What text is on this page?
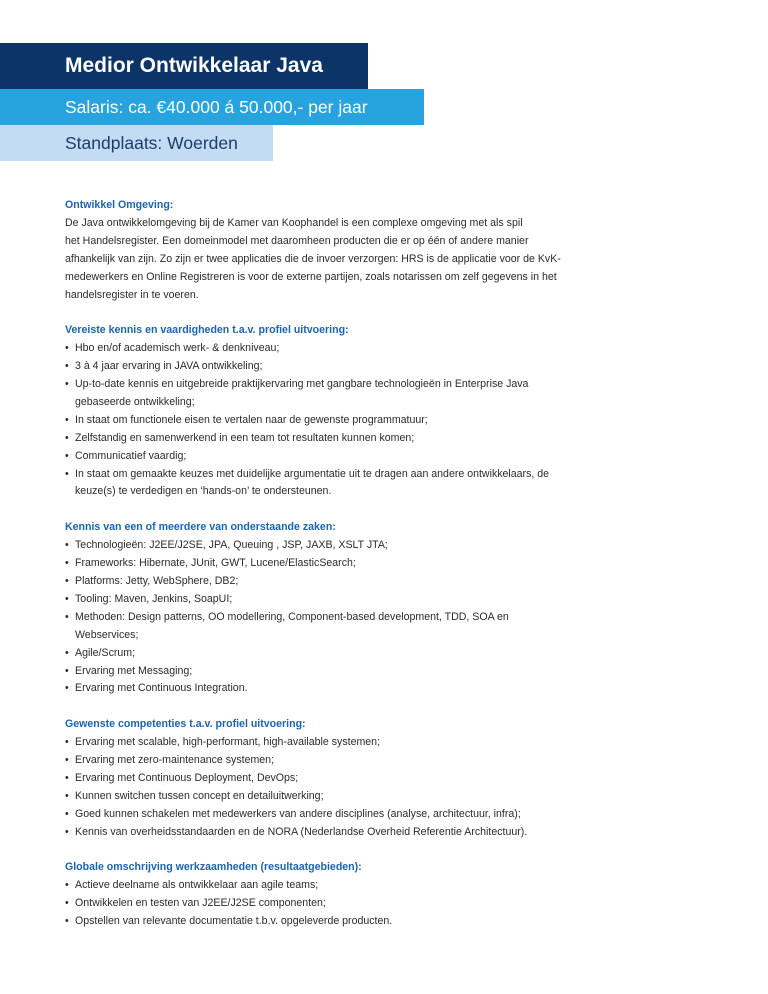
Medior Ontwikkelaar Java
Salaris: ca. €40.000 á 50.000,- per jaar
Standplaats: Woerden
Ontwikkel Omgeving:
De Java ontwikkelomgeving bij de Kamer van Koophandel is een complexe omgeving met als spil
het Handelsregister. Een domeinmodel met daaromheen producten die er op één of andere manier
afhankelijk van zijn. Zo zijn er twee applicaties die de invoer verzorgen: HRS is de applicatie voor de KvK-
medewerkers en Online Registreren is voor de externe partijen, zoals notarissen om zelf gegevens in het
handelsregister in te voeren.
Vereiste kennis en vaardigheden t.a.v. profiel uitvoering:
• Hbo en/of academisch werk- & denkniveau;
• 3 à 4 jaar ervaring in JAVA ontwikkeling;
• Up-to-date kennis en uitgebreide praktijkervaring met gangbare technologieën in Enterprise Java gebaseerde ontwikkeling;
• In staat om functionele eisen te vertalen naar de gewenste programmatuur;
• Zelfstandig en samenwerkend in een team tot resultaten kunnen komen;
• Communicatief vaardig;
• In staat om gemaakte keuzes met duidelijke argumentatie uit te dragen aan andere ontwikkelaars, de keuze(s) te verdedigen en ‘hands-on’ te ondersteunen.
Kennis van een of meerdere van onderstaande zaken:
• Technologieën: J2EE/J2SE, JPA, Queuing , JSP, JAXB, XSLT JTA;
• Frameworks: Hibernate, JUnit, GWT, Lucene/ElasticSearch;
• Platforms: Jetty, WebSphere, DB2;
• Tooling: Maven, Jenkins, SoapUI;
• Methoden: Design patterns, OO modellering, Component-based development, TDD, SOA en Webservices;
• Agile/Scrum;
• Ervaring met Messaging;
• Ervaring met Continuous Integration.
Gewenste competenties t.a.v. profiel uitvoering:
• Ervaring met scalable, high-performant, high-available systemen;
• Ervaring met zero-maintenance systemen;
• Ervaring met Continuous Deployment, DevOps;
• Kunnen switchen tussen concept en detailuitwerking;
• Goed kunnen schakelen met medewerkers van andere disciplines (analyse, architectuur, infra);
• Kennis van overheidsstandaarden en de NORA (Nederlandse Overheid Referentie Architectuur).
Globale omschrijving werkzaamheden (resultaatgebieden):
• Actieve deelname als ontwikkelaar aan agile teams;
• Ontwikkelen en testen van J2EE/J2SE componenten;
• Opstellen van relevante documentatie t.b.v. opgeleverde producten.
